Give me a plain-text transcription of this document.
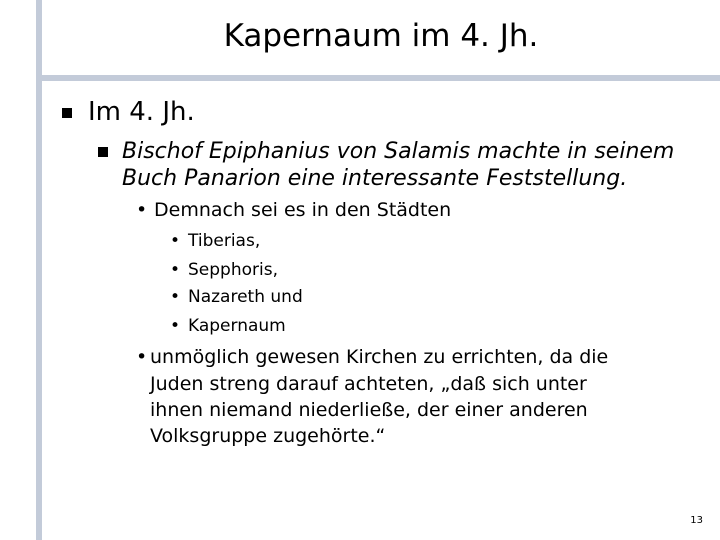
Kapernaum im 4. Jh.
Im 4. Jh.
Bischof Epiphanius von Salamis machte in seinem
Buch Panarion eine interessante Feststellung.
• Demnach sei es in den Städten
• Tiberias,
• Sepphoris,
• Nazareth und
• Kapernaum
• unmöglich gewesen Kirchen zu errichten, da die
Juden streng darauf achteten, „daß sich unter
ihnen niemand niederließe, der einer anderen
Volksgruppe zugehörte.“
13
